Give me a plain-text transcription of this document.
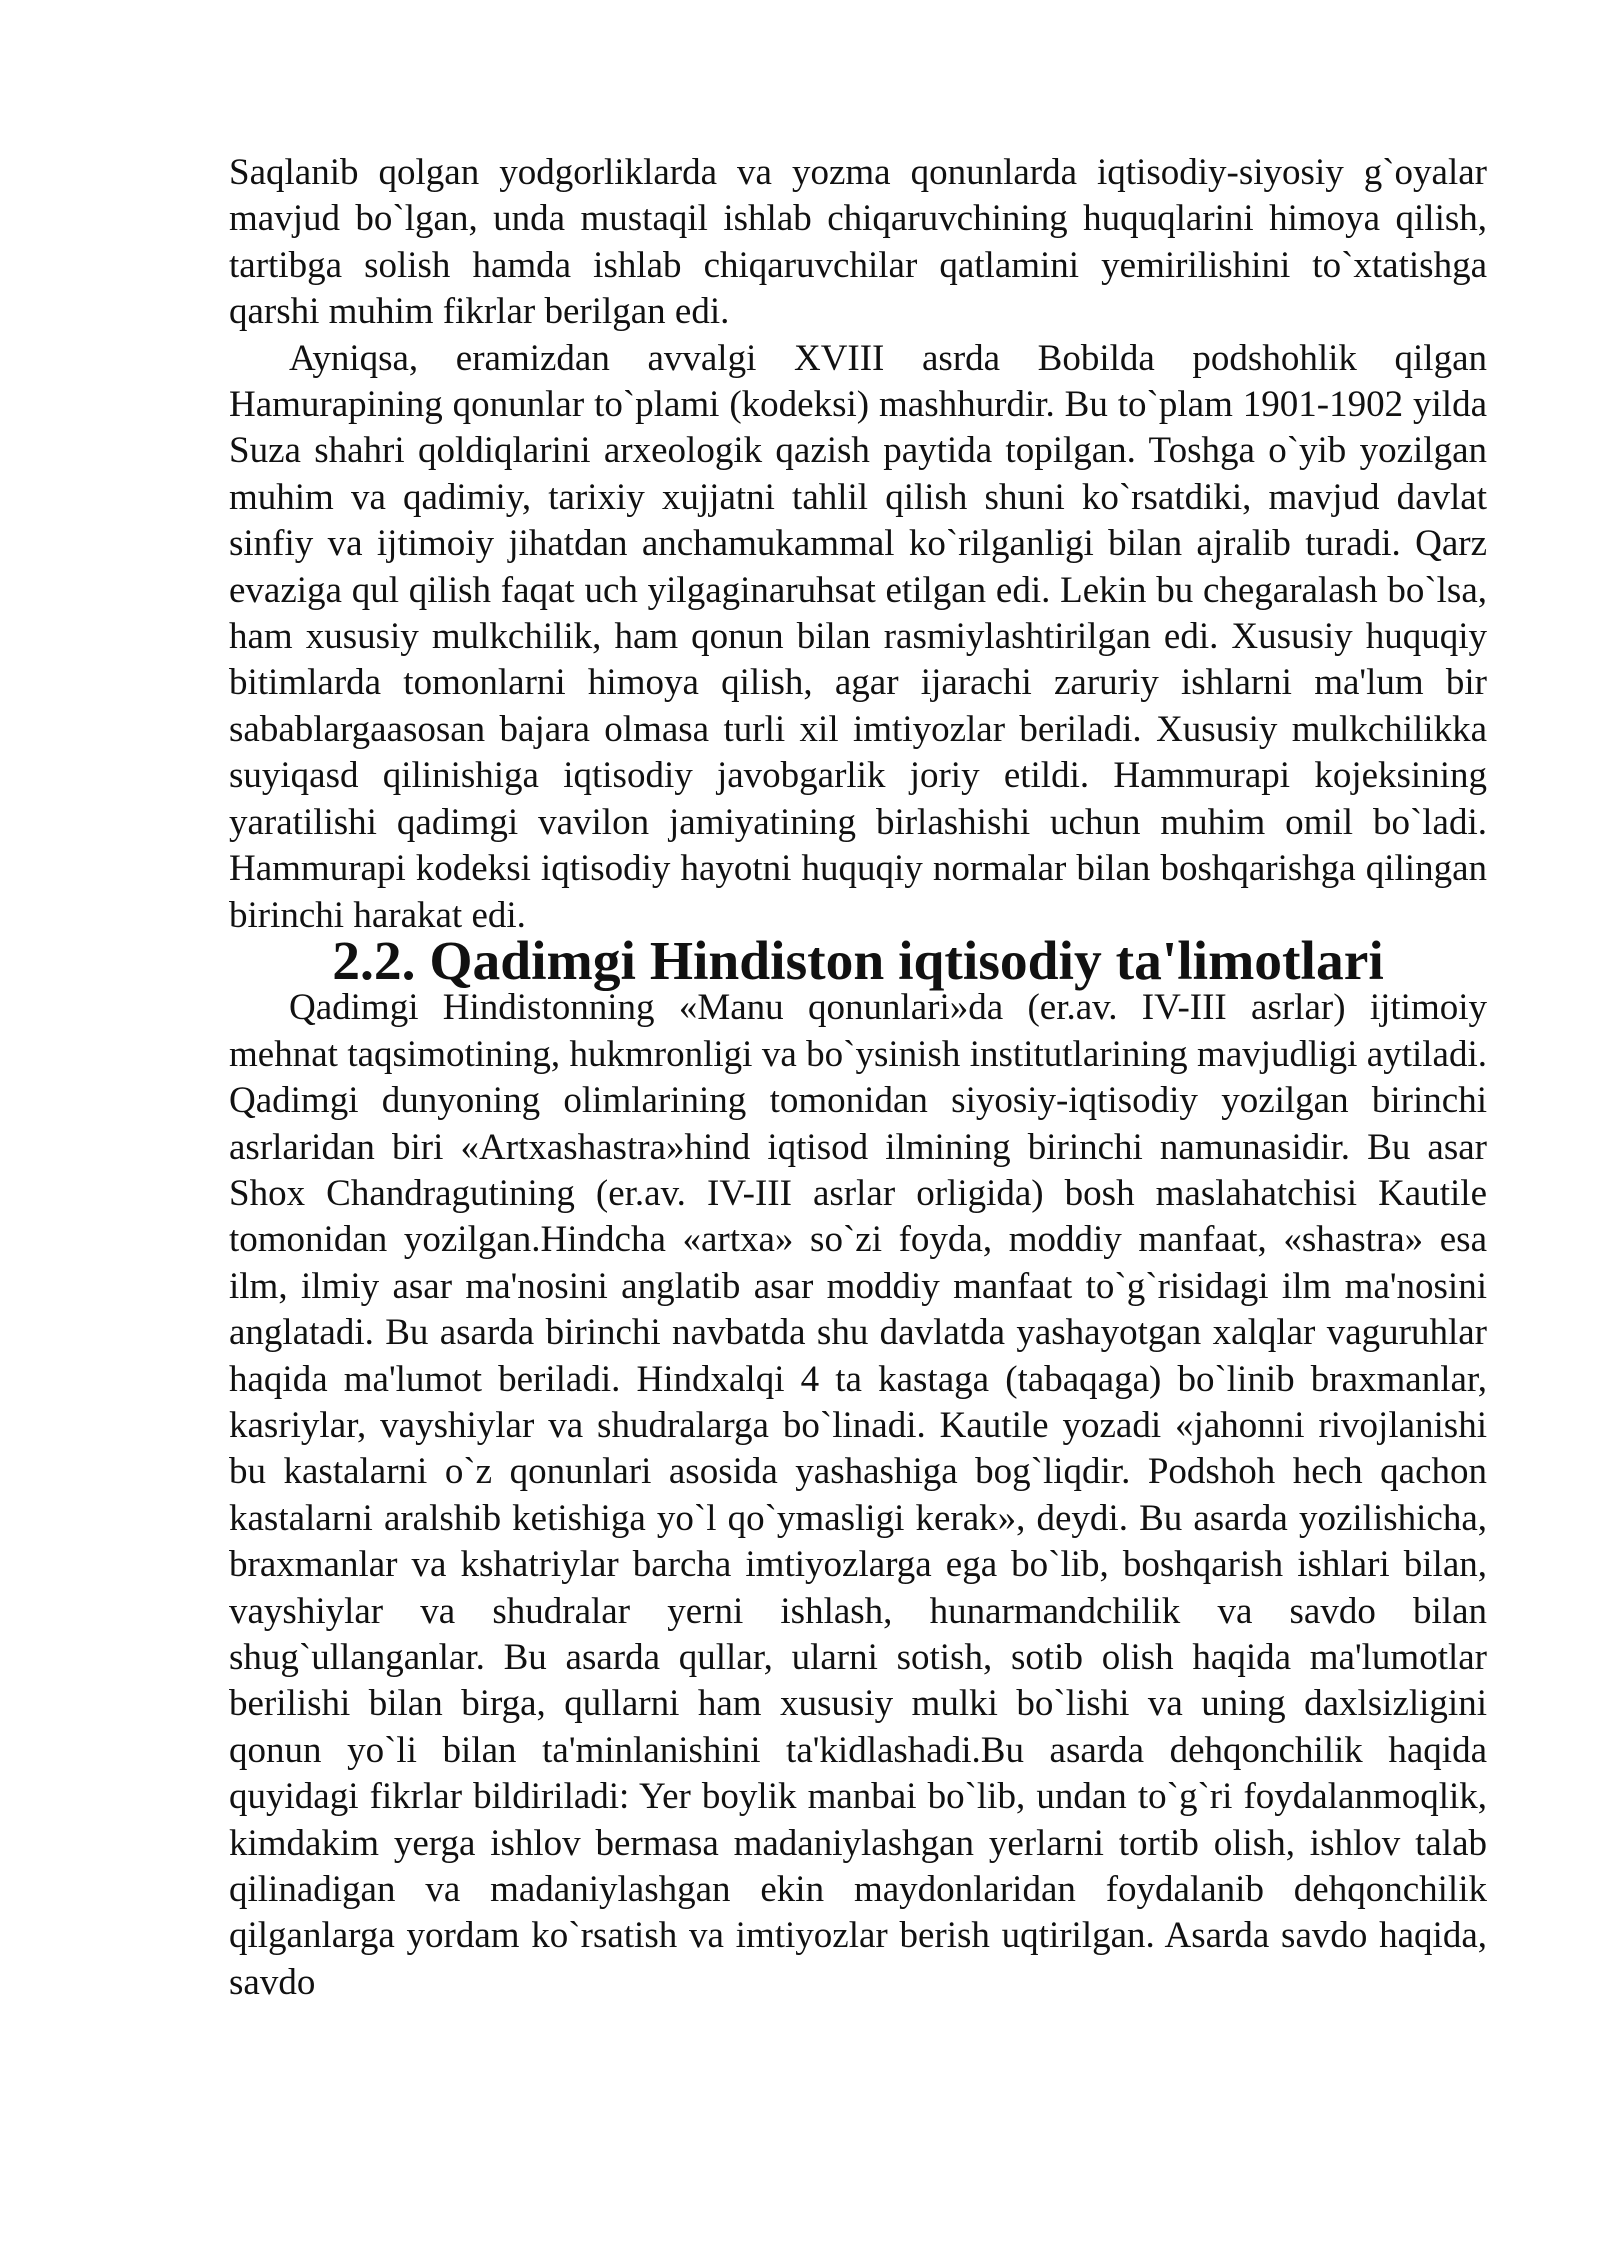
Saqlanib qolgan yodgorliklarda va yozma qonunlarda iqtisodiy-siyosiy g`oyalar mavjud bo`lgan, unda mustaqil ishlab chiqaruvchining huquqlarini himoya qilish, tartibga solish hamda ishlab chiqaruvchilar qatlamini yemirilishini to`xtatishga qarshi muhim fikrlar berilgan edi.

Ayniqsa, eramizdan avvalgi XVIII asrda Bobilda podshohlik qilgan Hamurapining qonunlar to`plami (kodeksi) mashhurdir. Bu to`plam 1901-1902 yilda Suza shahri qoldiqlarini arxeologik qazish paytida topilgan. Toshga o`yib yozilgan muhim va qadimiy, tarixiy xujjatni tahlil qilish shuni ko`rsatdiki, mavjud davlat sinfiy va ijtimoiy jihatdan anchamukammal ko`rilganligi bilan ajralib turadi. Qarz evaziga qul qilish faqat uch yilgaginaruhsat etilgan edi. Lekin bu chegaralash bo`lsa, ham xususiy mulkchilik, ham qonun bilan rasmiylashtirilgan edi. Xususiy huquqiy bitimlarda tomonlarni himoya qilish, agar ijarachi zaruriy ishlarni ma'lum bir sabablargaasosan bajara olmasa turli xil imtiyozlar beriladi. Xususiy mulkchilikka suyiqasd qilinishiga iqtisodiy javobgarlik joriy etildi. Hammurapi kojeksining yaratilishi qadimgi vavilon jamiyatining birlashishi uchun muhim omil bo`ladi. Hammurapi kodeksi iqtisodiy hayotni huquqiy normalar bilan boshqarishga qilingan birinchi harakat edi.

2.2. Qadimgi Hindiston iqtisodiy ta'limotlari

Qadimgi Hindistonning «Manu qonunlari»da (er.av. IV-III asrlar) ijtimoiy mehnat taqsimotining, hukmronligi va bo`ysinish institutlarining mavjudligi aytiladi. Qadimgi dunyoning olimlarining tomonidan siyosiy-iqtisodiy yozilgan birinchi asrlaridan biri «Artxashastra»hind iqtisod ilmining birinchi namunasidir. Bu asar Shox Chandragutining (er.av. IV-III asrlar orligida) bosh maslahatchisi Kautile tomonidan yozilgan.Hindcha «artxa» so`zi foyda, moddiy manfaat, «shastra» esa ilm, ilmiy asar ma'nosini anglatib asar moddiy manfaat to`g`risidagi ilm ma'nosini anglatadi. Bu asarda birinchi navbatda shu davlatda yashayotgan xalqlar vaguruhlar haqida ma'lumot beriladi. Hindxalqi 4 ta kastaga (tabaqaga) bo`linib braxmanlar, kasriylar, vayshiylar va shudralarga bo`linadi. Kautile yozadi «jahonni rivojlanishi bu kastalarni o`z qonunlari asosida yashashiga bog`liqdir. Podshoh hech qachon kastalarni aralshib ketishiga yo`l qo`ymasligi kerak», deydi. Bu asarda yozilishicha, braxmanlar va kshatriylar barcha imtiyozlarga ega bo`lib, boshqarish ishlari bilan, vayshiylar va shudralar yerni ishlash, hunarmandchilik va savdo bilan shug`ullanganlar. Bu asarda qullar, ularni sotish, sotib olish haqida ma'lumotlar berilishi bilan birga, qullarni ham xususiy mulki bo`lishi va uning daxlsizligini qonun yo`li bilan ta'minlanishini ta'kidlashadi.Bu asarda dehqonchilik haqida quyidagi fikrlar bildiriladi: Yer boylik manbai bo`lib, undan to`g`ri foydalanmoqlik, kimdakim yerga ishlov bermasa madaniylashgan yerlarni tortib olish, ishlov talab qilinadigan va madaniylashgan ekin maydonlaridan foydalanib dehqonchilik qilganlarga yordam ko`rsatish va imtiyozlar berish uqtirilgan. Asarda savdo haqida, savdo
